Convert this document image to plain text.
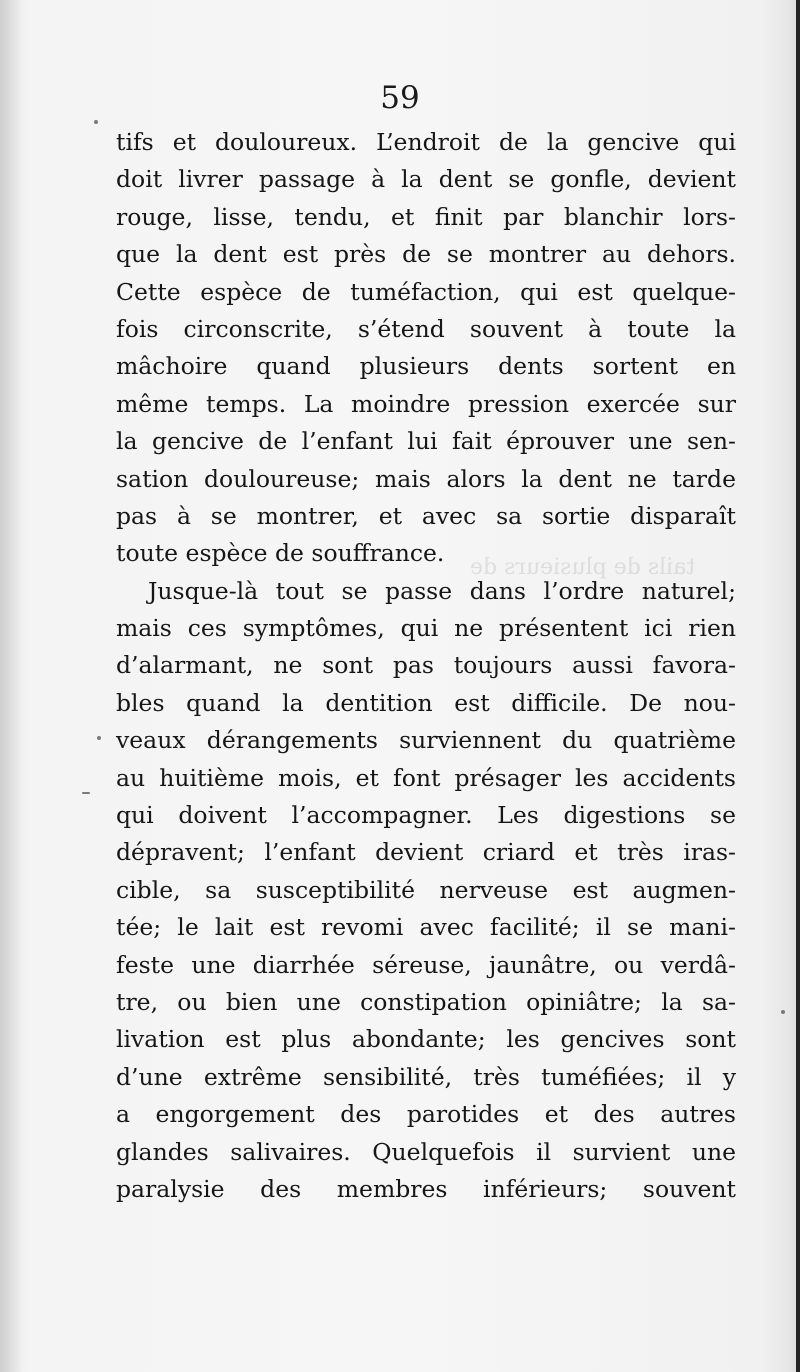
59
tails de plusieurs de
tifs et douloureux. L’endroit de la gencive qui
doit livrer passage à la dent se gonfle, devient
rouge, lisse, tendu, et finit par blanchir lors-
que la dent est près de se montrer au dehors.
Cette espèce de tuméfaction, qui est quelque-
fois circonscrite, s’étend souvent à toute la
mâchoire quand plusieurs dents sortent en
même temps. La moindre pression exercée sur
la gencive de l’enfant lui fait éprouver une sen-
sation douloureuse; mais alors la dent ne tarde
pas à se montrer, et avec sa sortie disparaît
toute espèce de souffrance.
Jusque-là tout se passe dans l’ordre naturel;
mais ces symptômes, qui ne présentent ici rien
d’alarmant, ne sont pas toujours aussi favora-
bles quand la dentition est difficile. De nou-
veaux dérangements surviennent du quatrième
au huitième mois, et font présager les accidents
qui doivent l’accompagner. Les digestions se
dépravent; l’enfant devient criard et très iras-
cible, sa susceptibilité nerveuse est augmen-
tée; le lait est revomi avec facilité; il se mani-
feste une diarrhée séreuse, jaunâtre, ou verdâ-
tre, ou bien une constipation opiniâtre; la sa-
livation est plus abondante; les gencives sont
d’une extrême sensibilité, très tuméfiées; il y
a engorgement des parotides et des autres
glandes salivaires. Quelquefois il survient une
paralysie des membres inférieurs; souvent
